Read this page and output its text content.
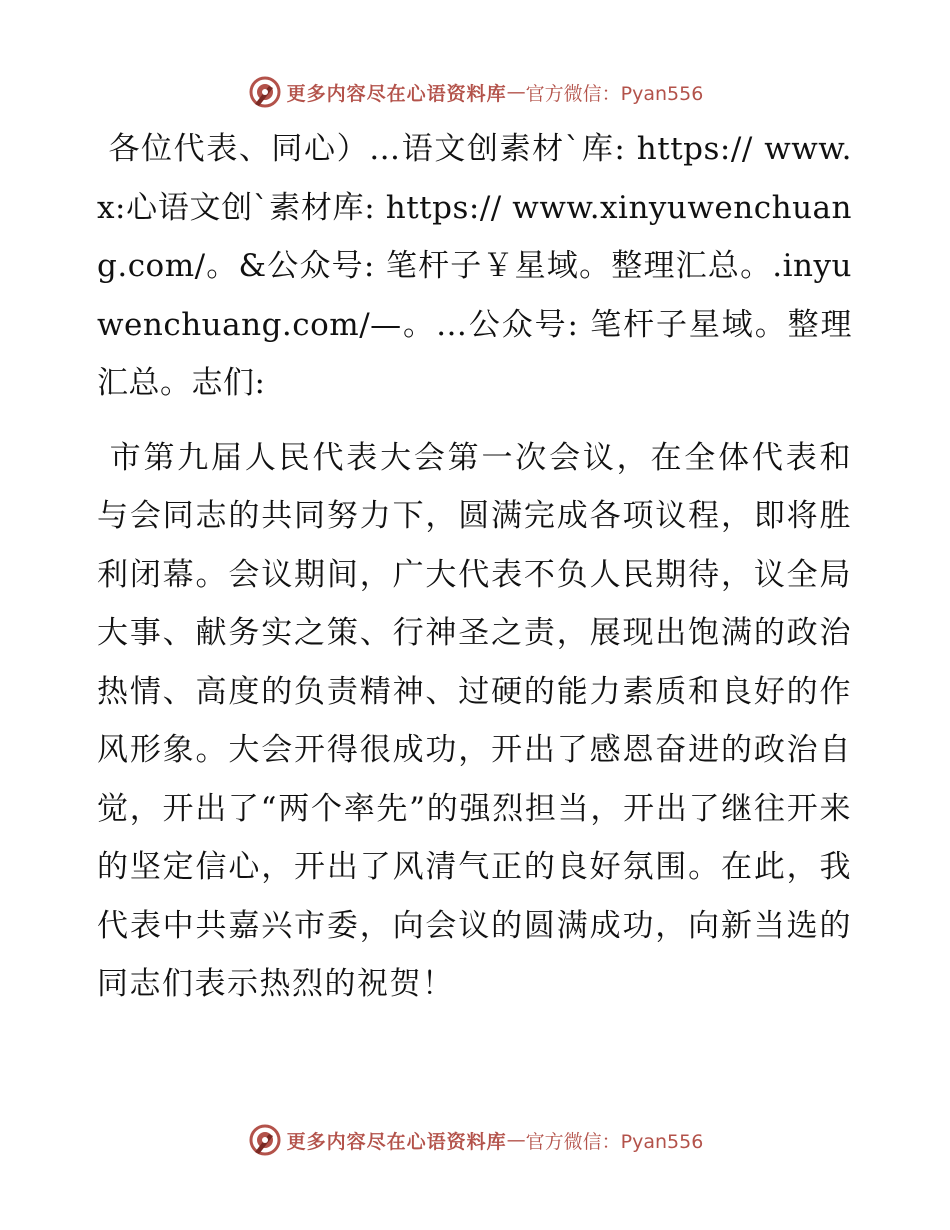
更多内容尽在心语资料库 — 官方微信：Pyan556

各位代表、同心）…语文创素材`库: https:// www.x:心语文创`素材库: https:// www.xinyuwenchuang.com/。&公众号: 笔杆子￥星域。整理汇总。.inyuwenchuang.com/—。…公众号: 笔杆子星域。整理汇总。志们:

市第九届人民代表大会第一次会议，在全体代表和与会同志的共同努力下，圆满完成各项议程，即将胜利闭幕。会议期间，广大代表不负人民期待，议全局大事、献务实之策、行神圣之责，展现出饱满的政治热情、高度的负责精神、过硬的能力素质和良好的作风形象。大会开得很成功，开出了感恩奋进的政治自觉，开出了“两个率先”的强烈担当，开出了继往开来的坚定信心，开出了风清气正的良好氛围。在此，我代表中共嘉兴市委，向会议的圆满成功，向新当选的同志们表示热烈的祝贺！

更多内容尽在心语资料库 — 官方微信：Pyan556
